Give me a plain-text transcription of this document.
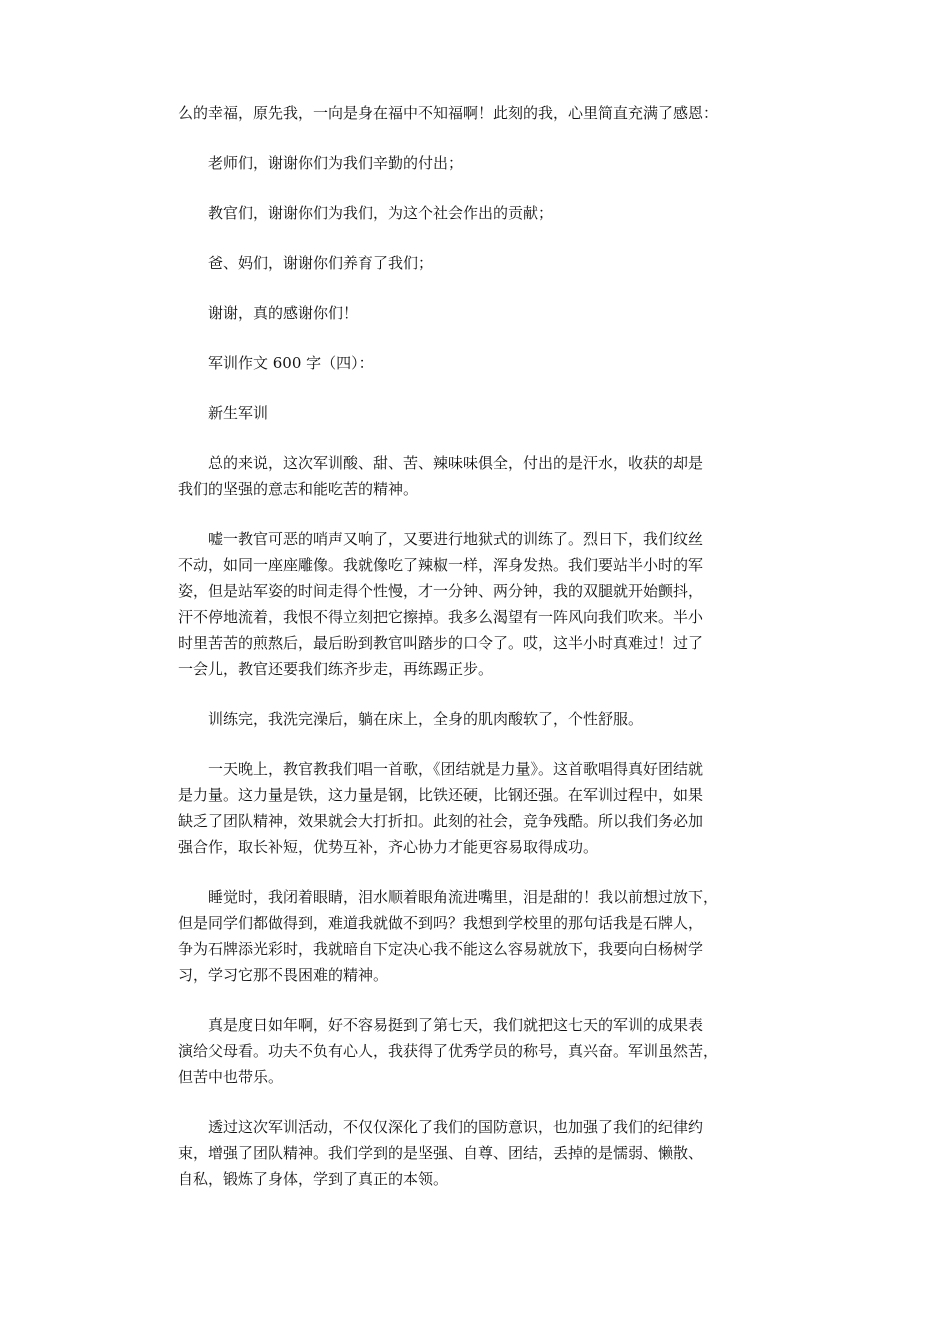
么的幸福，原先我，一向是身在福中不知福啊！此刻的我，心里简直充满了感恩：

老师们，谢谢你们为我们辛勤的付出；

教官们，谢谢你们为我们，为这个社会作出的贡献；

爸、妈们，谢谢你们养育了我们；

谢谢，真的感谢你们！

军训作文 600 字（四）：

新生军训

总的来说，这次军训酸、甜、苦、辣味味俱全，付出的是汗水，收获的却是
我们的坚强的意志和能吃苦的精神。

嘘一教官可恶的哨声又响了，又要进行地狱式的训练了。烈日下，我们纹丝
不动，如同一座座雕像。我就像吃了辣椒一样，浑身发热。我们要站半小时的军
姿，但是站军姿的时间走得个性慢，才一分钟、两分钟，我的双腿就开始颤抖，
汗不停地流着，我恨不得立刻把它擦掉。我多么渴望有一阵风向我们吹来。半小
时里苦苦的煎熬后，最后盼到教官叫踏步的口令了。哎，这半小时真难过！过了
一会儿，教官还要我们练齐步走，再练踢正步。

训练完，我洗完澡后，躺在床上，全身的肌肉酸软了，个性舒服。

一天晚上，教官教我们唱一首歌，《团结就是力量》。这首歌唱得真好团结就
是力量。这力量是铁，这力量是钢，比铁还硬，比钢还强。在军训过程中，如果
缺乏了团队精神，效果就会大打折扣。此刻的社会，竞争残酷。所以我们务必加
强合作，取长补短，优势互补，齐心协力才能更容易取得成功。

睡觉时，我闭着眼睛，泪水顺着眼角流进嘴里，泪是甜的！我以前想过放下，
但是同学们都做得到，难道我就做不到吗？我想到学校里的那句话我是石牌人，
争为石牌添光彩时，我就暗自下定决心我不能这么容易就放下，我要向白杨树学
习，学习它那不畏困难的精神。

真是度日如年啊，好不容易挺到了第七天，我们就把这七天的军训的成果表
演给父母看。功夫不负有心人，我获得了优秀学员的称号，真兴奋。军训虽然苦，
但苦中也带乐。

透过这次军训活动，不仅仅深化了我们的国防意识，也加强了我们的纪律约
束，增强了团队精神。我们学到的是坚强、自尊、团结，丢掉的是懦弱、懒散、
自私，锻炼了身体，学到了真正的本领。
